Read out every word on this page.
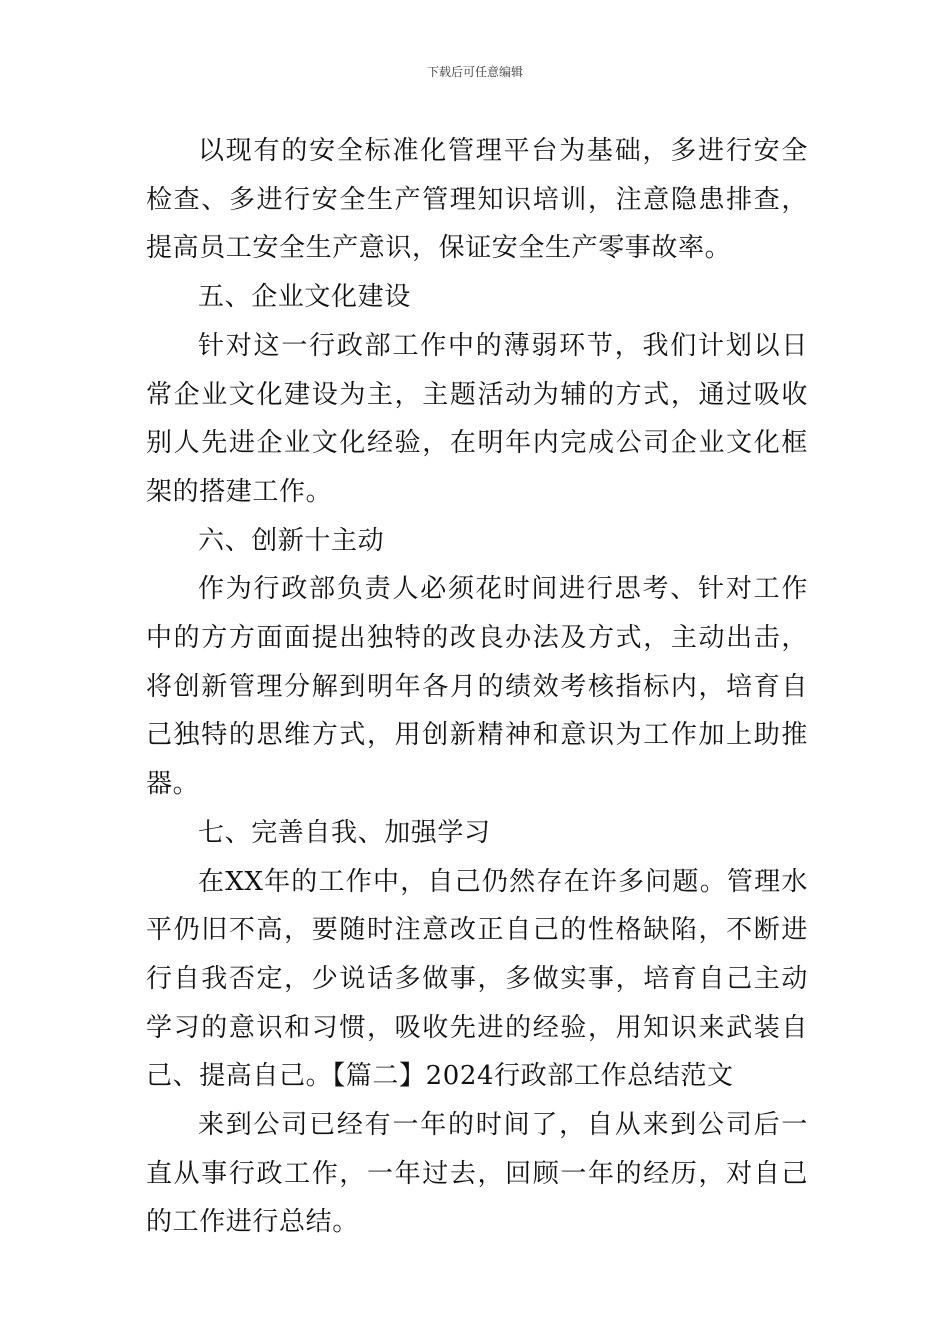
下载后可任意编辑

以现有的安全标准化管理平台为基础，多进行安全检查、多进行安全生产管理知识培训，注意隐患排查，提高员工安全生产意识，保证安全生产零事故率。

五、企业文化建设

针对这一行政部工作中的薄弱环节，我们计划以日常企业文化建设为主，主题活动为辅的方式，通过吸收别人先进企业文化经验，在明年内完成公司企业文化框架的搭建工作。

六、创新十主动

作为行政部负责人必须花时间进行思考、针对工作中的方方面面提出独特的改良办法及方式，主动出击，将创新管理分解到明年各月的绩效考核指标内，培育自己独特的思维方式，用创新精神和意识为工作加上助推器。

七、完善自我、加强学习

在XX年的工作中，自己仍然存在许多问题。管理水平仍旧不高，要随时注意改正自己的性格缺陷，不断进行自我否定，少说话多做事，多做实事，培育自己主动学习的意识和习惯，吸收先进的经验，用知识来武装自己、提高自己。【篇二】2024行政部工作总结范文

来到公司已经有一年的时间了，自从来到公司后一直从事行政工作，一年过去，回顾一年的经历，对自己的工作进行总结。
